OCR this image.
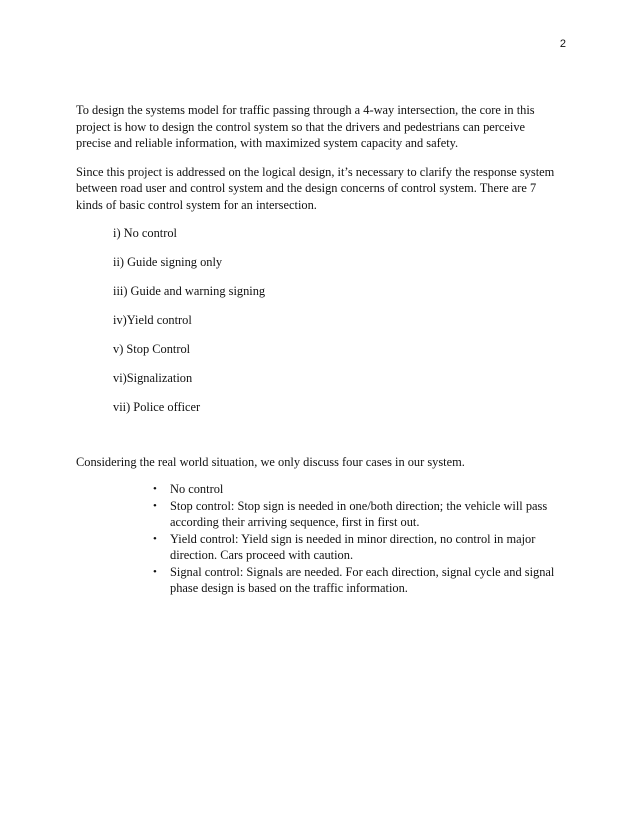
2

To design the systems model for traffic passing through a 4-way intersection, the core in this project is how to design the control system so that the drivers and pedestrians can perceive precise and reliable information, with maximized system capacity and safety.

Since this project is addressed on the logical design, it’s necessary to clarify the response system between road user and control system and the design concerns of control system. There are 7 kinds of basic control system for an intersection.

i) No control
ii) Guide signing only
iii) Guide and warning signing
iv)Yield control
v) Stop Control
vi)Signalization
vii) Police officer

Considering the real world situation, we only discuss four cases in our system.

• No control
• Stop control: Stop sign is needed in one/both direction; the vehicle will pass according their arriving sequence, first in first out.
• Yield control: Yield sign is needed in minor direction, no control in major direction. Cars proceed with caution.
• Signal control: Signals are needed. For each direction, signal cycle and signal phase design is based on the traffic information.
